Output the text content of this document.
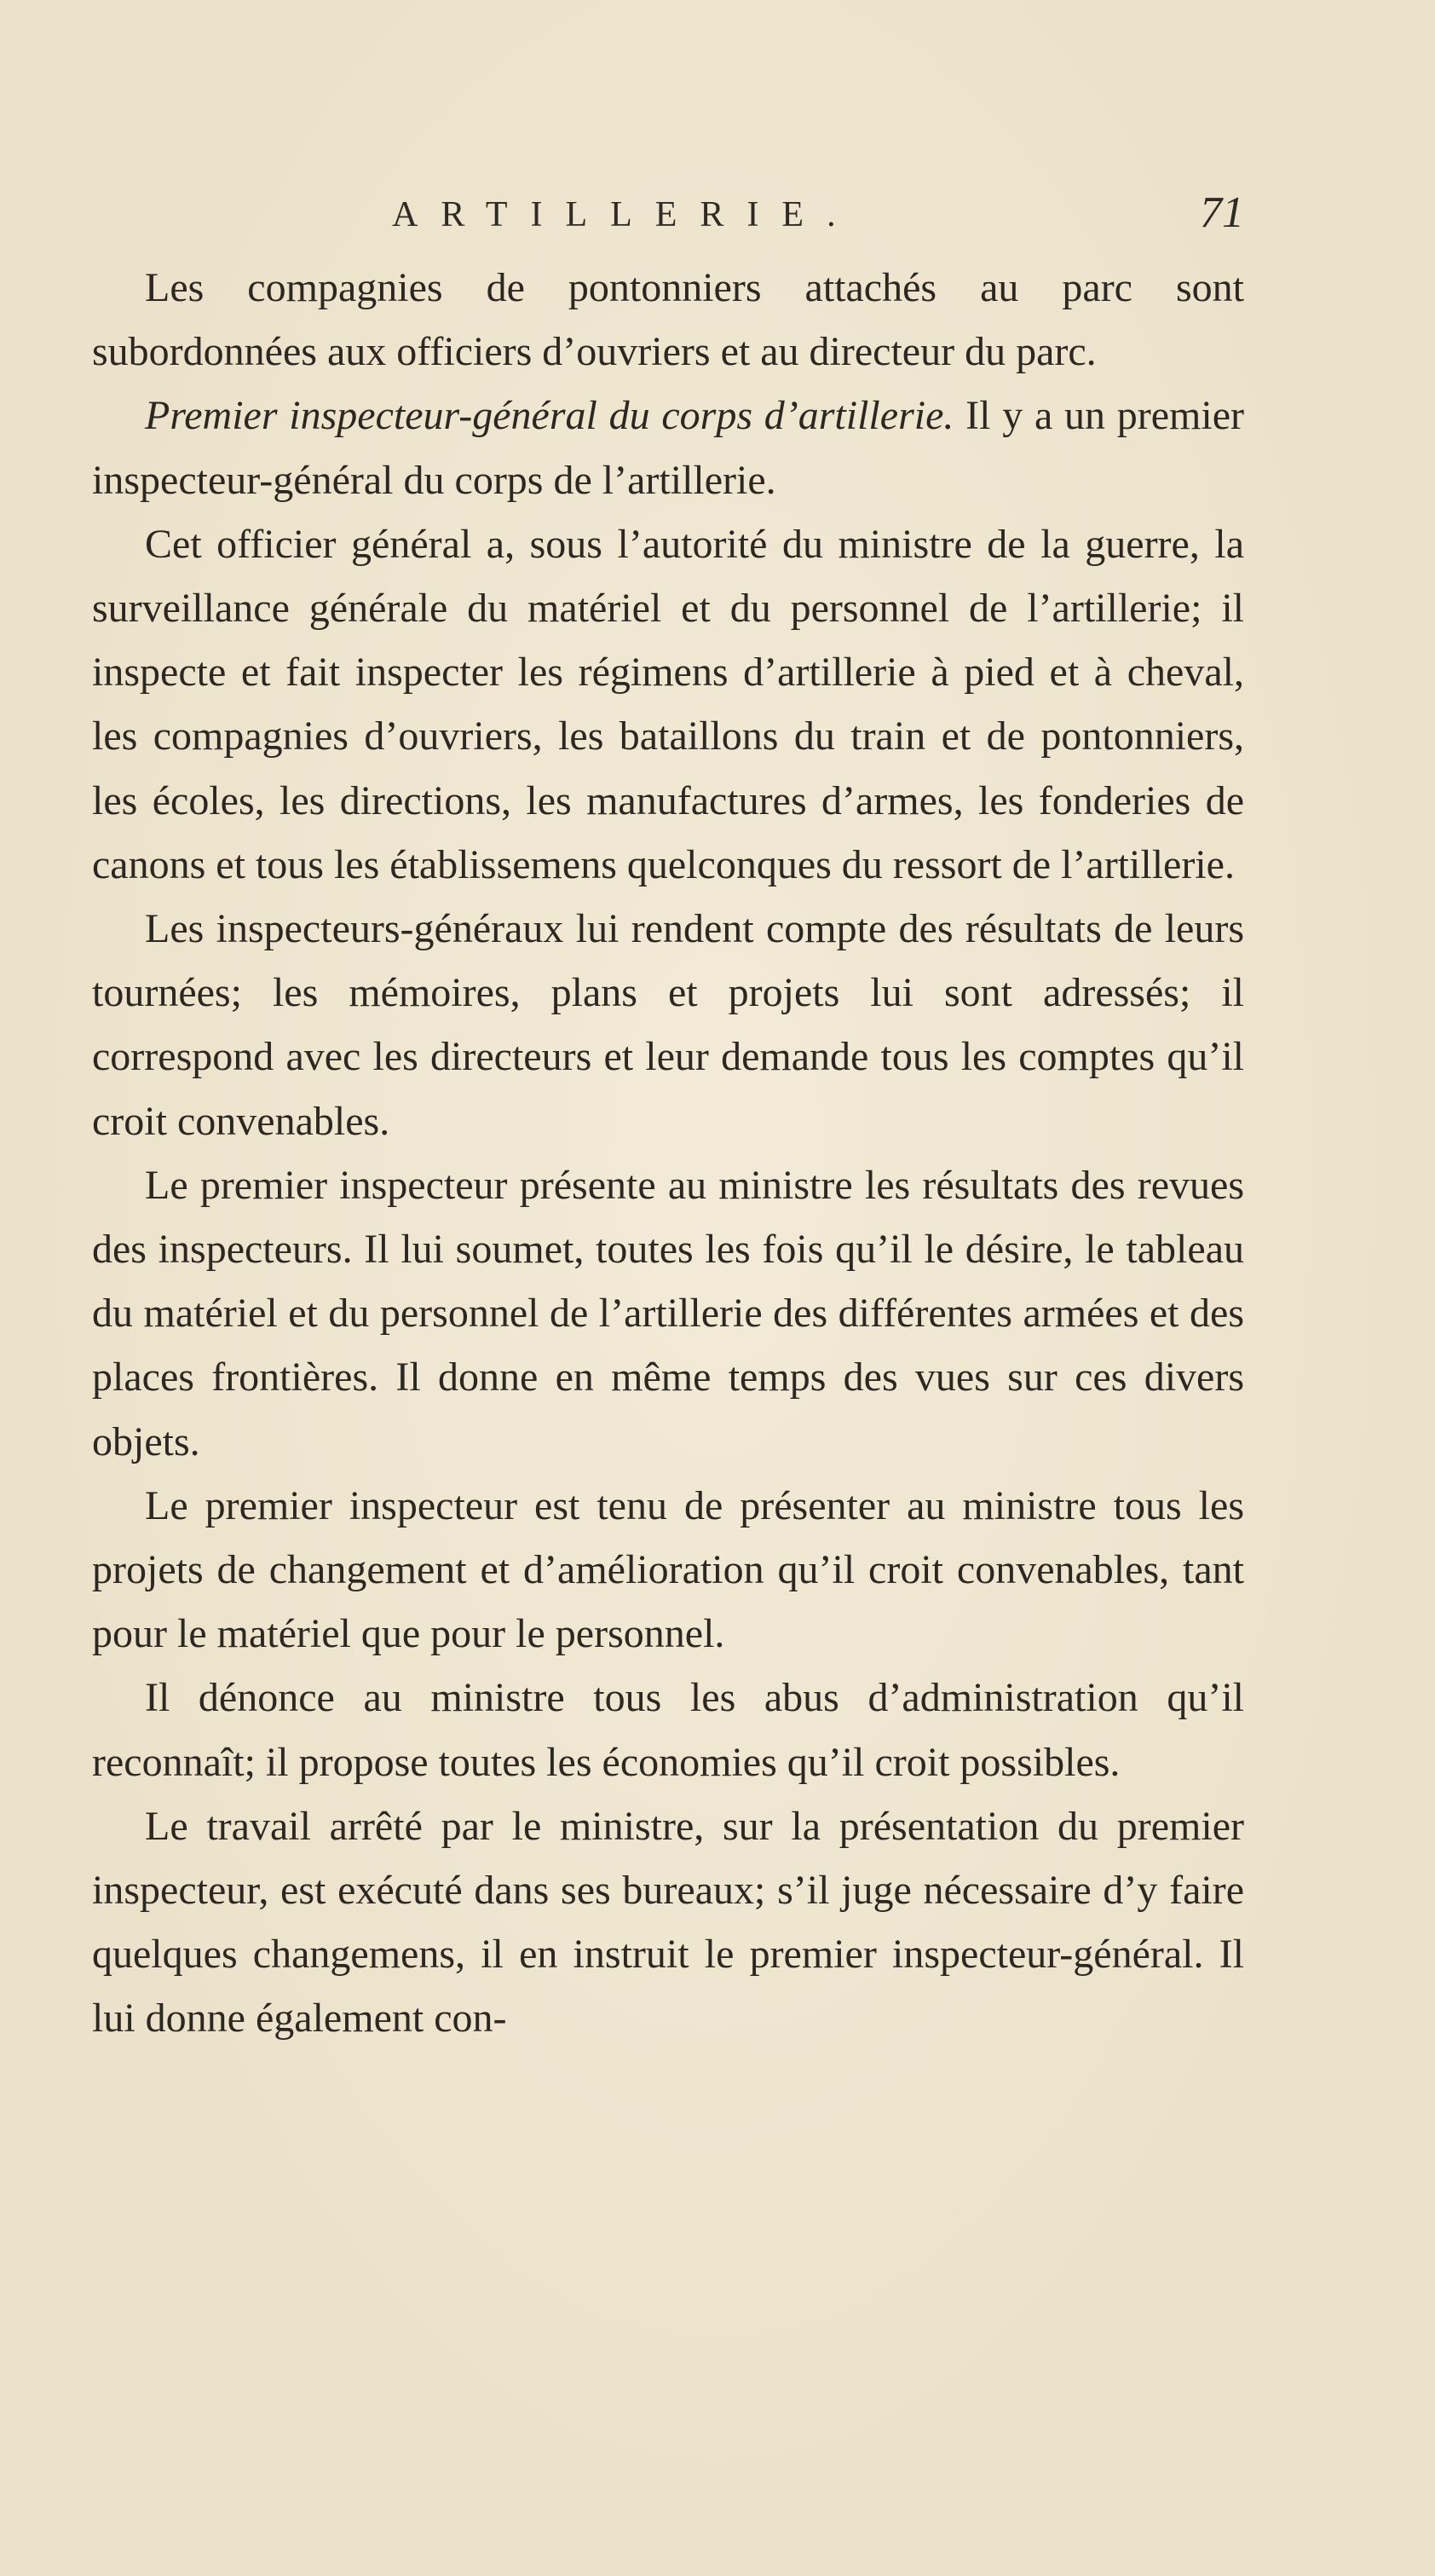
ARTILLERIE.	71

Les compagnies de pontonniers attachés au parc sont subordonnées aux officiers d’ouvriers et au directeur du parc.

Premier inspecteur-général du corps d’artillerie. Il y a un premier inspecteur-général du corps de l’artillerie.

Cet officier général a, sous l’autorité du ministre de la guerre, la surveillance générale du matériel et du personnel de l’artillerie; il inspecte et fait inspecter les régimens d’artillerie à pied et à cheval, les compagnies d’ouvriers, les bataillons du train et de pontonniers, les écoles, les directions, les manufactures d’armes, les fonderies de canons et tous les établissemens quelconques du ressort de l’artillerie.

Les inspecteurs-généraux lui rendent compte des résultats de leurs tournées; les mémoires, plans et projets lui sont adressés; il correspond avec les directeurs et leur demande tous les comptes qu’il croit convenables.

Le premier inspecteur présente au ministre les résultats des revues des inspecteurs. Il lui soumet, toutes les fois qu’il le désire, le tableau du matériel et du personnel de l’artillerie des différentes armées et des places frontières. Il donne en même temps des vues sur ces divers objets.

Le premier inspecteur est tenu de présenter au ministre tous les projets de changement et d’amélioration qu’il croit convenables, tant pour le matériel que pour le personnel.

Il dénonce au ministre tous les abus d’administration qu’il reconnaît; il propose toutes les économies qu’il croit possibles.

Le travail arrêté par le ministre, sur la présentation du premier inspecteur, est exécuté dans ses bureaux; s’il juge nécessaire d’y faire quelques changemens, il en instruit le premier inspecteur-général. Il lui donne également con-
